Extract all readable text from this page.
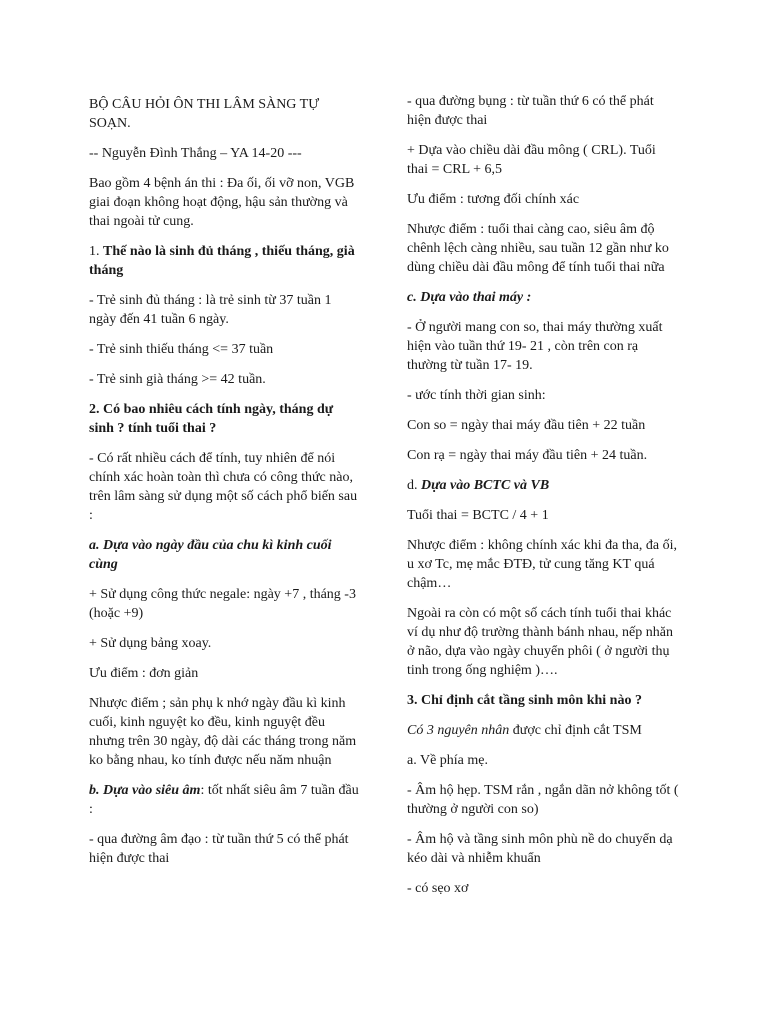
BỘ CÂU HỎI ÔN THI LÂM SÀNG TỰ SOẠN.

-- Nguyễn Đình Thắng – YA 14-20 ---

Bao gồm 4 bệnh án thi : Đa ối, ối vỡ non, VGB giai đoạn không hoạt động, hậu sản thường và thai ngoài tử cung.

1. Thế nào là sinh đủ tháng , thiếu tháng, già tháng

- Trẻ sinh đủ tháng : là trẻ sinh từ 37 tuần 1 ngày đến 41 tuần 6 ngày.

- Trẻ sinh thiếu tháng <= 37 tuần

- Trẻ sinh già tháng >= 42 tuần.

2. Có bao nhiêu cách tính ngày, tháng dự sinh ? tính tuổi thai ?

- Có rất nhiều cách để tính, tuy nhiên để nói chính xác hoàn toàn thì chưa có công thức nào, trên lâm sàng sử dụng một số cách phổ biến sau :

a. Dựa vào ngày đầu của chu kì kinh cuối cùng

+ Sử dụng công thức negale: ngày +7 , tháng -3 (hoặc +9)

+ Sử dụng bảng xoay.

Ưu điểm : đơn giản

Nhược điểm ; sản phụ k nhớ ngày đầu kì kinh cuối, kinh nguyệt ko đều, kinh nguyệt đều nhưng trên 30 ngày, độ dài các tháng trong năm ko bằng nhau, ko tính được nếu năm nhuận

b. Dựa vào siêu âm: tốt nhất siêu âm 7 tuần đầu :

- qua đường âm đạo : từ tuần thứ 5 có thể phát hiện được thai

- qua đường bụng : từ tuần thứ 6 có thể phát hiện được thai

+ Dựa vào chiều dài đầu mông ( CRL). Tuổi thai = CRL + 6,5

Ưu điểm : tương đối chính xác

Nhược điểm : tuổi thai càng cao, siêu âm độ chênh lệch càng nhiều, sau tuần 12 gần như ko dùng chiều dài đầu mông để tính tuổi thai nữa

c. Dựa vào thai máy :

- Ở người mang con so, thai máy thường xuất hiện vào tuần thứ 19- 21 , còn trên con rạ thường từ tuần 17- 19.

- ước tính thời gian sinh:

Con so = ngày thai máy đầu tiên + 22 tuần

Con rạ = ngày thai máy đầu tiên + 24 tuần.

d. Dựa vào BCTC và VB

Tuổi thai = BCTC / 4 + 1

Nhược điểm : không chính xác khi đa tha, đa ối, u xơ Tc, mẹ mắc ĐTĐ, tử cung tăng KT quá chậm…

Ngoài ra còn có một số cách tính tuổi thai khác ví dụ như độ trường thành bánh nhau, nếp nhăn ở não, dựa vào ngày chuyển phôi ( ở người thụ tinh trong ống nghiệm )….

3. Chỉ định cắt tầng sinh môn khi nào ?

Có 3 nguyên nhân được chỉ định cắt TSM

a. Về phía mẹ.

- Âm hộ hẹp. TSM rắn , ngắn dãn nở không tốt ( thường ở người con so)

- Âm hộ và tầng sinh môn phù nề do chuyển dạ kéo dài và nhiễm khuẩn

- có sẹo xơ
